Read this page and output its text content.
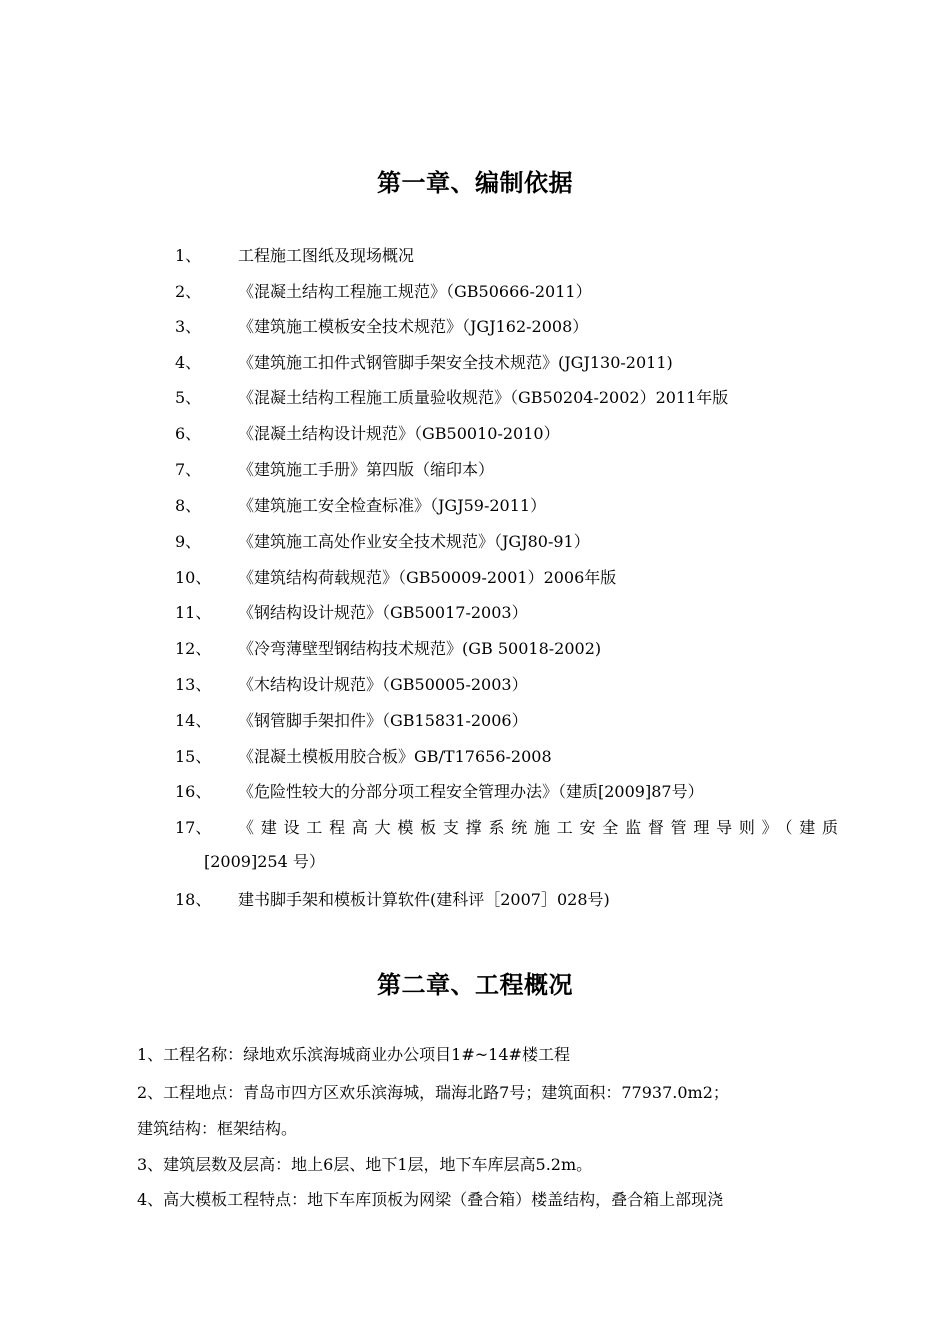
第一章、编制依据
1、 工程施工图纸及现场概况
2、 《混凝土结构工程施工规范》（GB50666-2011）
3、 《建筑施工模板安全技术规范》（JGJ162-2008）
4、 《建筑施工扣件式钢管脚手架安全技术规范》(JGJ130-2011)
5、 《混凝土结构工程施工质量验收规范》（GB50204-2002）2011年版
6、 《混凝土结构设计规范》（GB50010-2010）
7、 《建筑施工手册》第四版（缩印本）
8、 《建筑施工安全检查标准》（JGJ59-2011）
9、 《建筑施工高处作业安全技术规范》（JGJ80-91）
10、 《建筑结构荷载规范》（GB50009-2001）2006年版
11、 《钢结构设计规范》（GB50017-2003）
12、 《冷弯薄壁型钢结构技术规范》(GB 50018-2002)
13、 《木结构设计规范》（GB50005-2003）
14、 《钢管脚手架扣件》（GB15831-2006）
15、 《混凝土模板用胶合板》GB/T17656-2008
16、 《危险性较大的分部分项工程安全管理办法》（建质[2009]87号）
17、 《建设工程高大模板支撑系统施工安全监督管理导则》（建质
[2009]254 号）
18、 建书脚手架和模板计算软件(建科评［2007］028号)
第二章、工程概况
1、工程名称：绿地欢乐滨海城商业办公项目1#~14#楼工程
2、工程地点：青岛市四方区欢乐滨海城，瑞海北路7号；建筑面积：77937.0m2；
建筑结构：框架结构。
3、建筑层数及层高：地上6层、地下1层，地下车库层高5.2m。
4、高大模板工程特点：地下车库顶板为网梁（叠合箱）楼盖结构，叠合箱上部现浇
